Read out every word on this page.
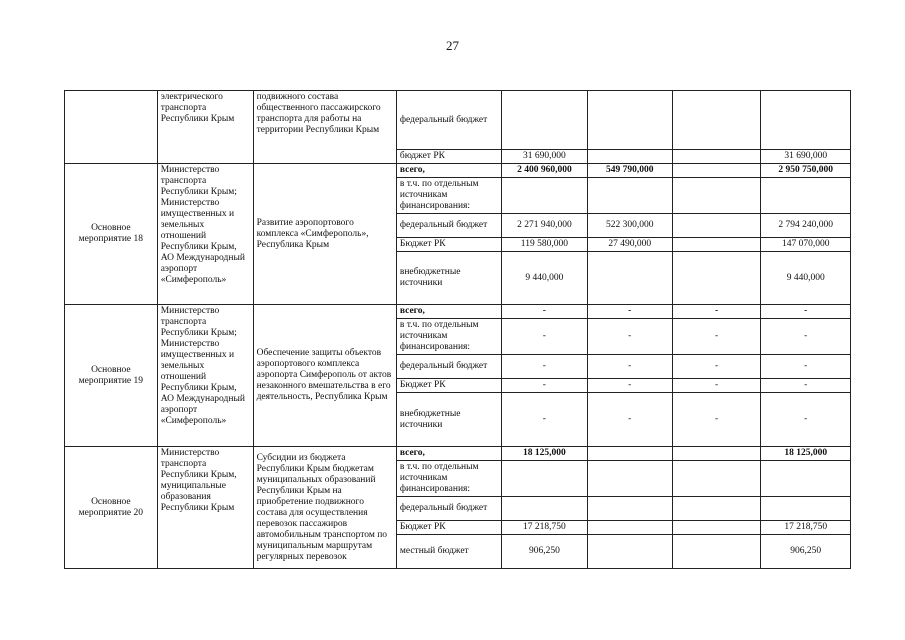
27
	электрического транспорта Республики Крым	подвижного состава общественного пассажирского транспорта для работы на территории Республики Крым	федеральный бюджет				
			бюджет РК	31 690,000			31 690,000
Основное мероприятие 18	Министерство транспорта Республики Крым; Министерство имущественных и земельных отношений Республики Крым, АО Международный аэропорт «Симферополь»	Развитие аэропортового комплекса «Симферополь», Республика Крым	всего,	2 400 960,000	549 790,000		2 950 750,000
			в т.ч. по отдельным источникам финансирования:				
			федеральный бюджет	2 271 940,000	522 300,000		2 794 240,000
			Бюджет РК	119 580,000	27 490,000		147 070,000
			внебюджетные источники	9 440,000			9 440,000
Основное мероприятие 19	Министерство транспорта Республики Крым; Министерство имущественных и земельных отношений Республики Крым, АО Международный аэропорт «Симферополь»	Обеспечение защиты объектов аэропортового комплекса аэропорта Симферополь от актов незаконного вмешательства в его деятельность, Республика Крым	всего,	-	-	-	-
			в т.ч. по отдельным источникам финансирования:	-	-	-	-
			федеральный бюджет	-	-	-	-
			Бюджет РК	-	-	-	-
			внебюджетные источники	-	-	-	-
Основное мероприятие 20	Министерство транспорта Республики Крым, муниципальные образования Республики Крым	Субсидии из бюджета Республики Крым бюджетам муниципальных образований Республики Крым на приобретение подвижного состава для осуществления перевозок пассажиров автомобильным транспортом по муниципальным маршрутам регулярных перевозок	всего,	18 125,000			18 125,000
			в т.ч. по отдельным источникам финансирования:				
			федеральный бюджет				
			Бюджет РК	17 218,750			17 218,750
			местный бюджет	906,250			906,250
